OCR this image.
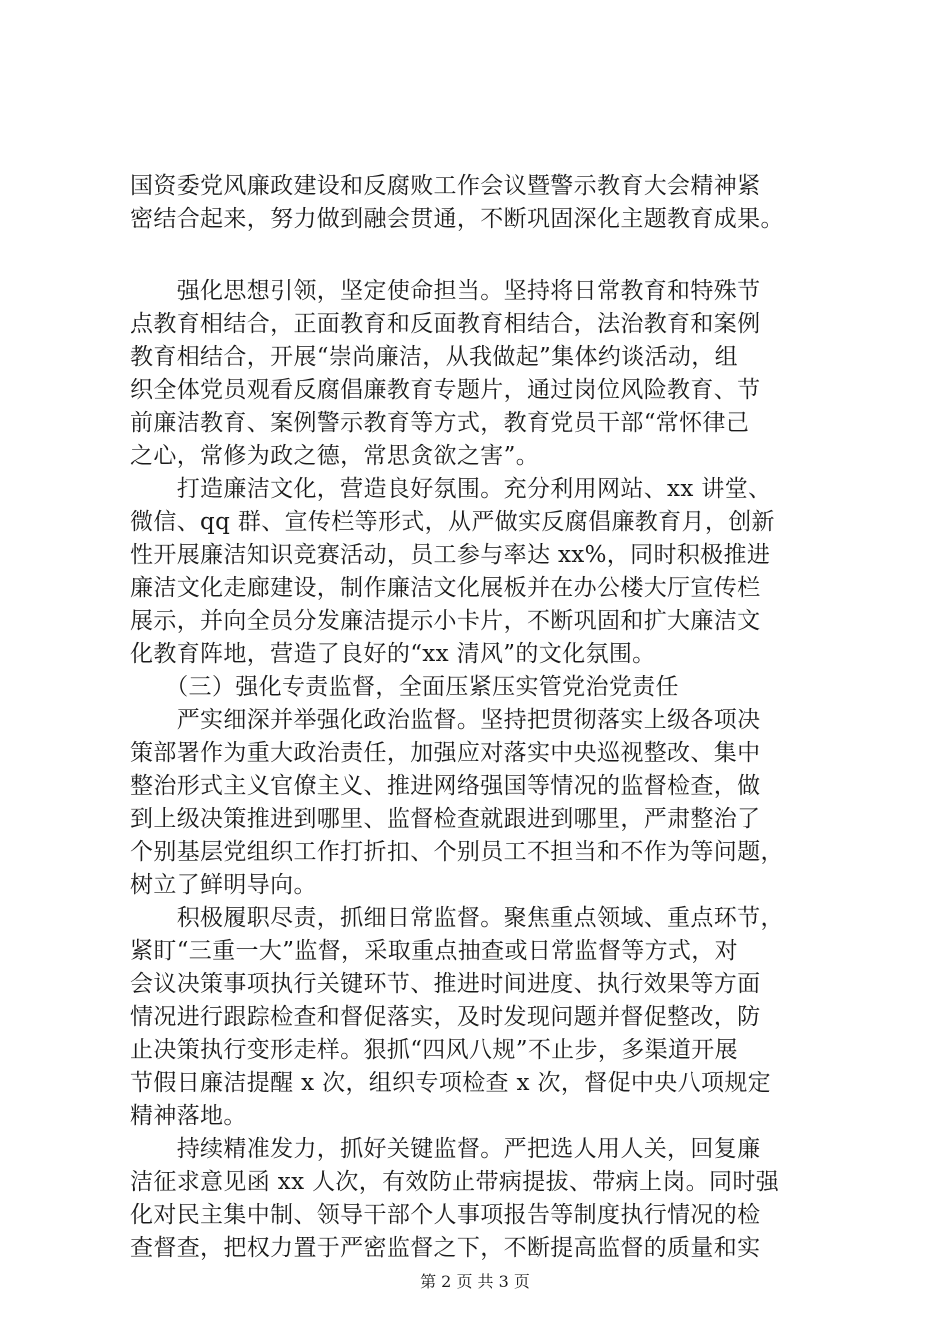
国资委党风廉政建设和反腐败工作会议暨警示教育大会精神紧
密结合起来，努力做到融会贯通，不断巩固深化主题教育成果。
　　强化思想引领，坚定使命担当。坚持将日常教育和特殊节
点教育相结合，正面教育和反面教育相结合，法治教育和案例
教育相结合，开展“崇尚廉洁，从我做起”集体约谈活动，组
织全体党员观看反腐倡廉教育专题片，通过岗位风险教育、节
前廉洁教育、案例警示教育等方式，教育党员干部“常怀律己
之心，常修为政之德，常思贪欲之害”。
　　打造廉洁文化，营造良好氛围。充分利用网站、xx 讲堂、
微信、qq 群、宣传栏等形式，从严做实反腐倡廉教育月，创新
性开展廉洁知识竞赛活动，员工参与率达 xx%，同时积极推进
廉洁文化走廊建设，制作廉洁文化展板并在办公楼大厅宣传栏
展示，并向全员分发廉洁提示小卡片，不断巩固和扩大廉洁文
化教育阵地，营造了良好的“xx 清风”的文化氛围。
　　（三）强化专责监督，全面压紧压实管党治党责任
　　严实细深并举强化政治监督。坚持把贯彻落实上级各项决
策部署作为重大政治责任，加强应对落实中央巡视整改、集中
整治形式主义官僚主义、推进网络强国等情况的监督检查，做
到上级决策推进到哪里、监督检查就跟进到哪里，严肃整治了
个别基层党组织工作打折扣、个别员工不担当和不作为等问题，
树立了鲜明导向。
　　积极履职尽责，抓细日常监督。聚焦重点领域、重点环节，
紧盯“三重一大”监督，采取重点抽查或日常监督等方式，对
会议决策事项执行关键环节、推进时间进度、执行效果等方面
情况进行跟踪检查和督促落实，及时发现问题并督促整改，防
止决策执行变形走样。狠抓“四风八规”不止步，多渠道开展
节假日廉洁提醒 x 次，组织专项检查 x 次，督促中央八项规定
精神落地。
　　持续精准发力，抓好关键监督。严把选人用人关，回复廉
洁征求意见函 xx 人次，有效防止带病提拔、带病上岗。同时强
化对民主集中制、领导干部个人事项报告等制度执行情况的检
查督查，把权力置于严密监督之下，不断提高监督的质量和实
第 2 页 共 3 页
